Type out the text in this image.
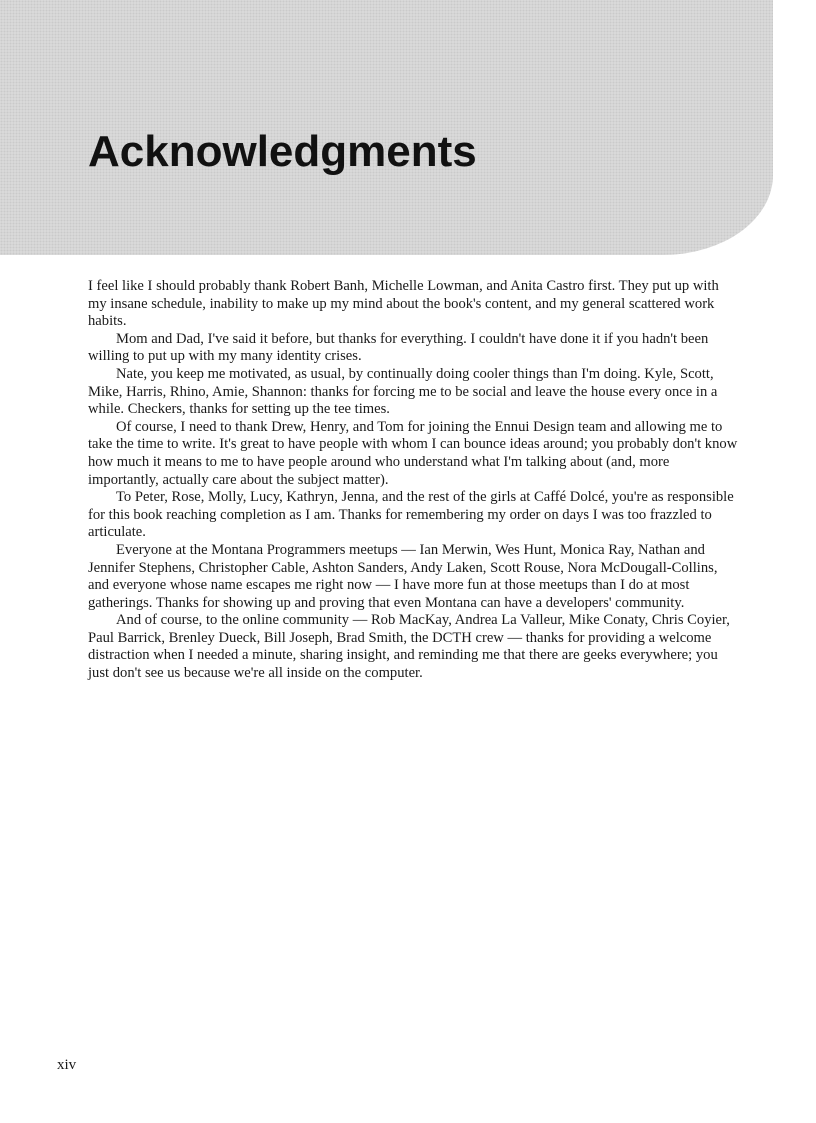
Acknowledgments

I feel like I should probably thank Robert Banh, Michelle Lowman, and Anita Castro first. They put up with my insane schedule, inability to make up my mind about the book's content, and my general scattered work habits.

Mom and Dad, I've said it before, but thanks for everything. I couldn't have done it if you hadn't been willing to put up with my many identity crises.

Nate, you keep me motivated, as usual, by continually doing cooler things than I'm doing. Kyle, Scott, Mike, Harris, Rhino, Amie, Shannon: thanks for forcing me to be social and leave the house every once in a while. Checkers, thanks for setting up the tee times.

Of course, I need to thank Drew, Henry, and Tom for joining the Ennui Design team and allowing me to take the time to write. It's great to have people with whom I can bounce ideas around; you probably don't know how much it means to me to have people around who understand what I'm talking about (and, more importantly, actually care about the subject matter).

To Peter, Rose, Molly, Lucy, Kathryn, Jenna, and the rest of the girls at Caffé Dolcé, you're as responsible for this book reaching completion as I am. Thanks for remembering my order on days I was too frazzled to articulate.

Everyone at the Montana Programmers meetups — Ian Merwin, Wes Hunt, Monica Ray, Nathan and Jennifer Stephens, Christopher Cable, Ashton Sanders, Andy Laken, Scott Rouse, Nora McDougall-Collins, and everyone whose name escapes me right now — I have more fun at those meetups than I do at most gatherings. Thanks for showing up and proving that even Montana can have a developers' community.

And of course, to the online community — Rob MacKay, Andrea La Valleur, Mike Conaty, Chris Coyier, Paul Barrick, Brenley Dueck, Bill Joseph, Brad Smith, the DCTH crew — thanks for providing a welcome distraction when I needed a minute, sharing insight, and reminding me that there are geeks everywhere; you just don't see us because we're all inside on the computer.

xiv
